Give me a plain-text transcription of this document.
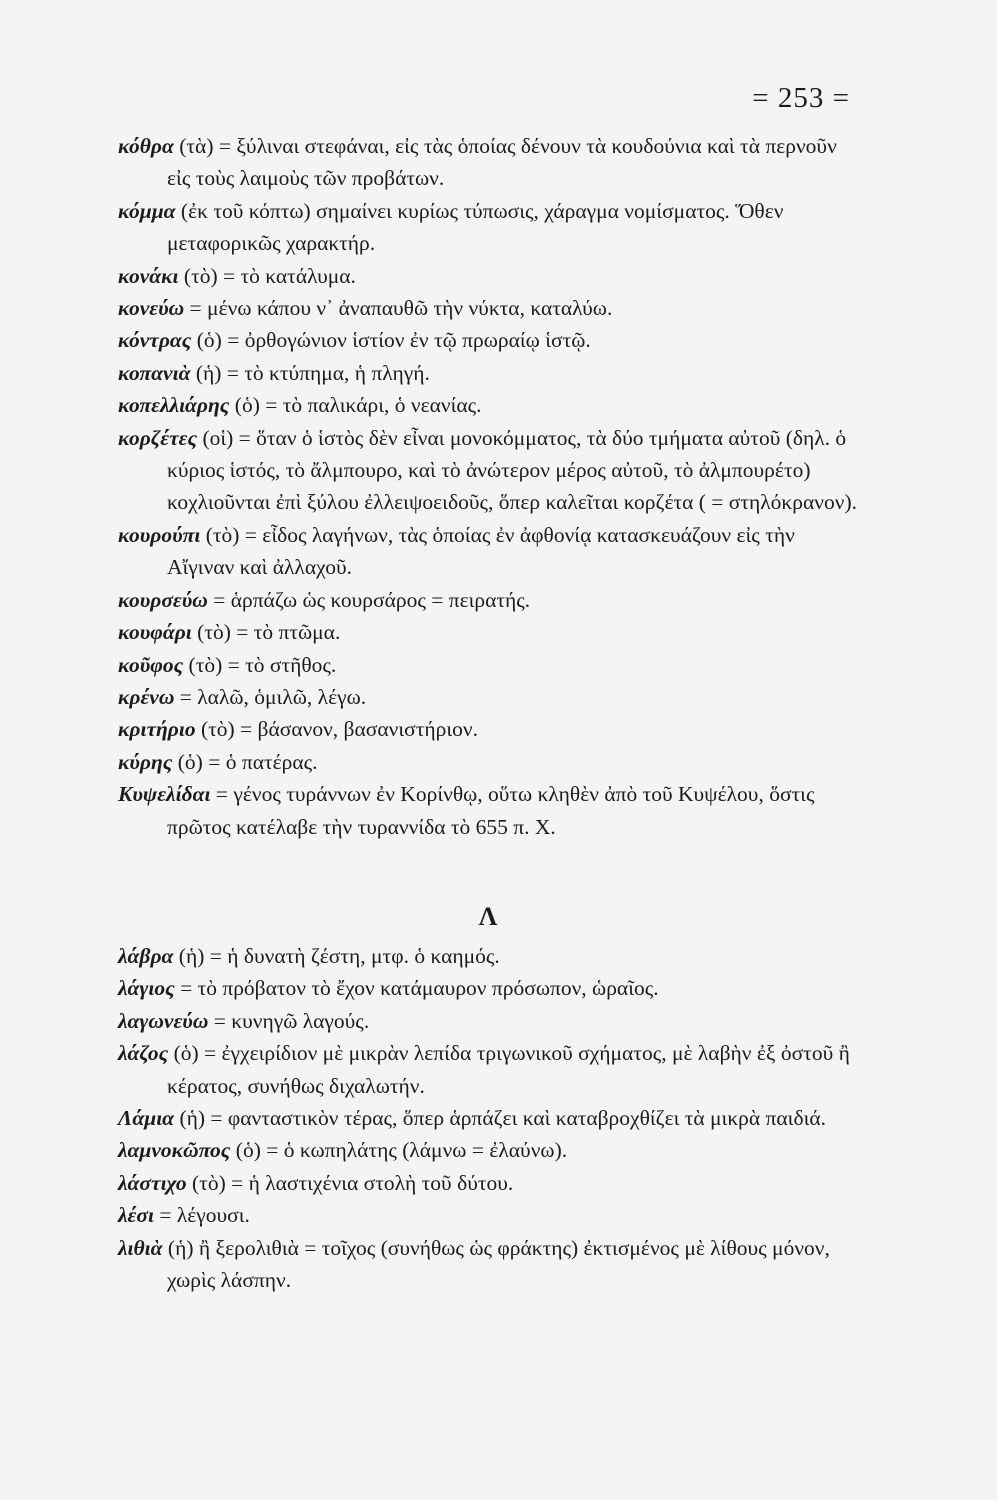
= 253 =
κόθρα (τὰ) = ξύλιναι στεφάναι, εἰς τὰς ὁποίας δένουν τὰ κουδούνια καὶ τὰ περνοῦν εἰς τοὺς λαιμοὺς τῶν προβάτων.
κόμμα (ἐκ τοῦ κόπτω) σημαίνει κυρίως τύπωσις, χάραγμα νομίσματος. Ὅθεν μεταφορικῶς χαρακτήρ.
κονάκι (τὸ) = τὸ κατάλυμα.
κονεύω = μένω κάπου ν᾽ ἀναπαυθῶ τὴν νύκτα, καταλύω.
κόντρας (ὁ) = ὀρθογώνιον ἱστίον ἐν τῷ πρωραίῳ ἱστῷ.
κοπανιὰ (ἡ) = τὸ κτύπημα, ἡ πληγή.
κοπελλιάρης (ὁ) = τὸ παλικάρι, ὁ νεανίας.
κορζέτες (οἱ) = ὅταν ὁ ἱστὸς δὲν εἶναι μονοκόμματος, τὰ δύο τμήματα αὐτοῦ (δηλ. ὁ κύριος ἱστός, τὸ ἄλμπουρο, καὶ τὸ ἀνώτερον μέρος αὐτοῦ, τὸ ἀλμπουρέτο) κοχλιοῦνται ἐπὶ ξύλου ἐλλειψοειδοῦς, ὅπερ καλεῖται κορζέτα ( = στηλόκρανον).
κουρούπι (τὸ) = εἶδος λαγήνων, τὰς ὁποίας ἐν ἀφθονίᾳ κατασκευάζουν εἰς τὴν Αἴγιναν καὶ ἀλλαχοῦ.
κουρσεύω = ἁρπάζω ὡς κουρσάρος = πειρατής.
κουφάρι (τὸ) = τὸ πτῶμα.
κοῦφος (τὸ) = τὸ στῆθος.
κρένω = λαλῶ, ὁμιλῶ, λέγω.
κριτήριο (τὸ) = βάσανον, βασανιστήριον.
κύρης (ὁ) = ὁ πατέρας.
Κυψελίδαι = γένος τυράννων ἐν Κορίνθῳ, οὕτω κληθὲν ἀπὸ τοῦ Κυψέλου, ὅστις πρῶτος κατέλαβε τὴν τυραννίδα τὸ 655 π. Χ.
Λ
λάβρα (ἡ) = ἡ δυνατὴ ζέστη, μτφ. ὁ καημός.
λάγιος = τὸ πρόβατον τὸ ἔχον κατάμαυρον πρόσωπον, ὡραῖος.
λαγωνεύω = κυνηγῶ λαγούς.
λάζος (ὁ) = ἐγχειρίδιον μὲ μικρὰν λεπίδα τριγωνικοῦ σχήματος, μὲ λαβὴν ἐξ ὀστοῦ ἢ κέρατος, συνήθως διχαλωτήν.
Λάμια (ἡ) = φανταστικὸν τέρας, ὅπερ ἁρπάζει καὶ καταβροχθίζει τὰ μικρὰ παιδιά.
λαμνοκῶπος (ὁ) = ὁ κωπηλάτης (λάμνω = ἐλαύνω).
λάστιχο (τὸ) = ἡ λαστιχένια στολὴ τοῦ δύτου.
λέσι = λέγουσι.
λιθιὰ (ἡ) ἢ ξερολιθιὰ = τοῖχος (συνήθως ὡς φράκτης) ἐκτισμένος μὲ λίθους μόνον, χωρὶς λάσπην.
